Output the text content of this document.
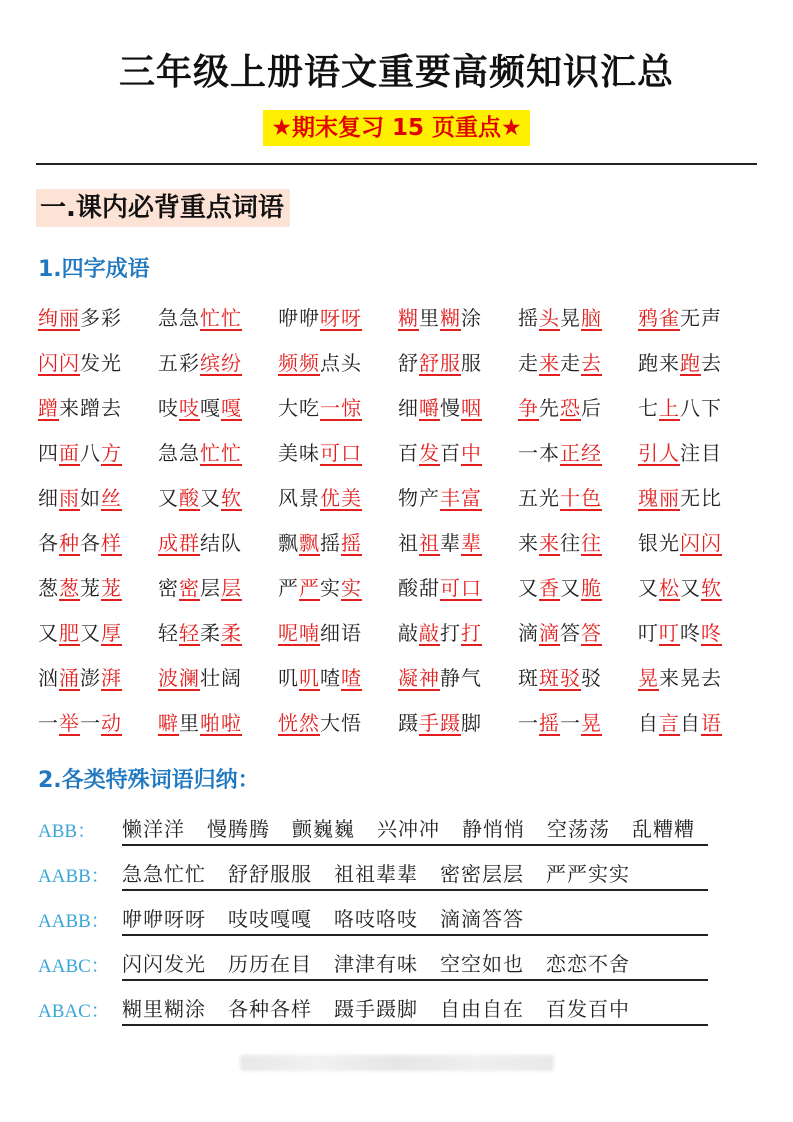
三年级上册语文重要高频知识汇总
★期末复习 15 页重点★
一.课内必背重点词语
1.四字成语
绚丽多彩 急急忙忙 咿咿呀呀 糊里糊涂 摇头晃脑 鸦雀无声
闪闪发光 五彩缤纷 频频点头 舒舒服服 走来走去 跑来跑去
蹭来蹭去 吱吱嘎嘎 大吃一惊 细嚼慢咽 争先恐后 七上八下
四面八方 急急忙忙 美味可口 百发百中 一本正经 引人注目
细雨如丝 又酸又软 风景优美 物产丰富 五光十色 瑰丽无比
各种各样 成群结队 飘飘摇摇 祖祖辈辈 来来往往 银光闪闪
葱葱茏茏 密密层层 严严实实 酸甜可口 又香又脆 又松又软
又肥又厚 轻轻柔柔 呢喃细语 敲敲打打 滴滴答答 叮叮咚咚
汹涌澎湃 波澜壮阔 叽叽喳喳 凝神静气 斑斑驳驳 晃来晃去
一举一动 噼里啪啦 恍然大悟 蹑手蹑脚 一摇一晃 自言自语
2.各类特殊词语归纳：
ABB： 懒洋洋 慢腾腾 颤巍巍 兴冲冲 静悄悄 空荡荡 乱糟糟
AABB： 急急忙忙 舒舒服服 祖祖辈辈 密密层层 严严实实
AABB： 咿咿呀呀 吱吱嘎嘎 咯吱咯吱 滴滴答答
AABC： 闪闪发光 历历在目 津津有味 空空如也 恋恋不舍
ABAC： 糊里糊涂 各种各样 蹑手蹑脚 自由自在 百发百中
